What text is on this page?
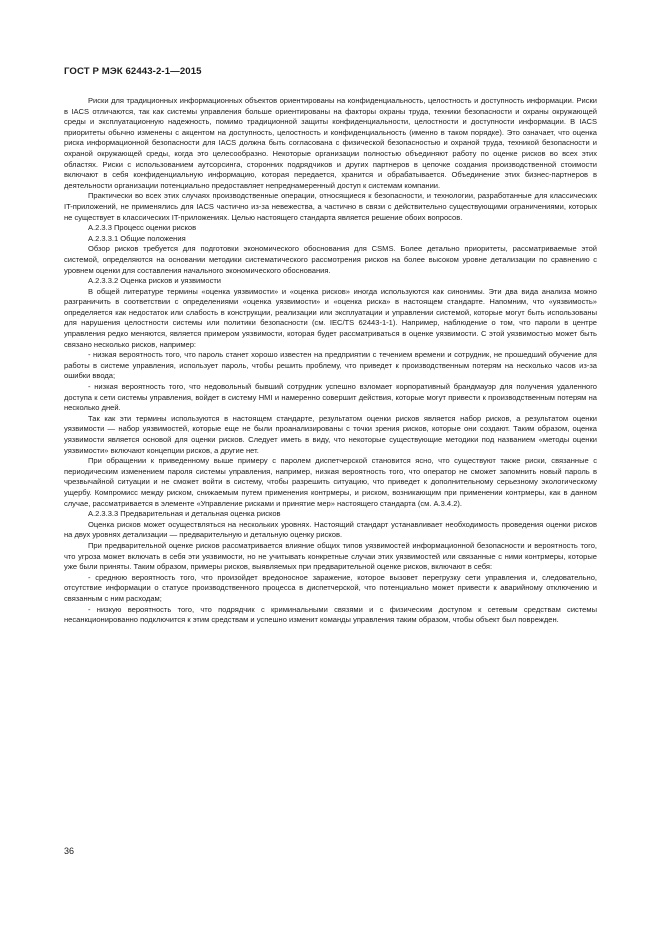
ГОСТ Р МЭК 62443-2-1—2015

Риски для традиционных информационных объектов ориентированы на конфиденциальность, целостность и доступность информации. Риски в IACS отличаются, так как системы управления больше ориентированы на факторы охраны труда, техники безопасности и охраны окружающей среды и эксплуатационную надежность, помимо традиционной защиты конфиденциальности, целостности и доступности информации. В IACS приоритеты обычно изменены с акцентом на доступность, целостность и конфиденциальность (именно в таком порядке). Это означает, что оценка риска информационной безопасности для IACS должна быть согласована с физической безопасностью и охраной труда, техникой безопасности и охраной окружающей среды, когда это целесообразно. Некоторые организации полностью объединяют работу по оценке рисков во всех этих областях. Риски с использованием аутсорсинга, сторонних подрядчиков и других партнеров в цепочке создания производственной стоимости включают в себя конфиденциальную информацию, которая передается, хранится и обрабатывается. Объединение этих бизнес-партнеров в деятельности организации потенциально предоставляет непреднамеренный доступ к системам компании.

Практически во всех этих случаях производственные операции, относящиеся к безопасности, и технологии, разработанные для классических IT-приложений, не применялись для IACS частично из-за невежества, а частично в связи с действительно существующими ограничениями, которых не существует в классических IT-приложениях. Целью настоящего стандарта является решение обоих вопросов.

А.2.3.3 Процесс оценки рисков

А.2.3.3.1 Общие положения

Обзор рисков требуется для подготовки экономического обоснования для CSMS. Более детально приоритеты, рассматриваемые этой системой, определяются на основании методики систематического рассмотрения рисков на более высоком уровне детализации по сравнению с уровнем оценки для составления начального экономического обоснования.

А.2.3.3.2 Оценка рисков и уязвимости

В общей литературе термины «оценка уязвимости» и «оценка рисков» иногда используются как синонимы. Эти два вида анализа можно разграничить в соответствии с определениями «оценка уязвимости» и «оценка риска» в настоящем стандарте. Напомним, что «уязвимость» определяется как недостаток или слабость в конструкции, реализации или эксплуатации и управлении системой, которые могут быть использованы для нарушения целостности системы или политики безопасности (см. IEC/TS 62443-1-1). Например, наблюдение о том, что пароли в центре управления редко меняются, является примером уязвимости, которая будет рассматриваться в оценке уязвимости. С этой уязвимостью может быть связано несколько рисков, например:

- низкая вероятность того, что пароль станет хорошо известен на предприятии с течением времени и сотрудник, не прошедший обучение для работы в системе управления, использует пароль, чтобы решить проблему, что приведет к производственным потерям на несколько часов из-за ошибки ввода;

- низкая вероятность того, что недовольный бывший сотрудник успешно взломает корпоративный брандмауэр для получения удаленного доступа к сети системы управления, войдет в систему HMI и намеренно совершит действия, которые могут привести к производственным потерям на несколько дней.

Так как эти термины используются в настоящем стандарте, результатом оценки рисков является набор рисков, а результатом оценки уязвимости — набор уязвимостей, которые еще не были проанализированы с точки зрения рисков, которые они создают. Таким образом, оценка уязвимости является основой для оценки рисков. Следует иметь в виду, что некоторые существующие методики под названием «методы оценки уязвимости» включают концепции рисков, а другие нет.

При обращении к приведенному выше примеру с паролем диспетчерской становится ясно, что существуют также риски, связанные с периодическим изменением пароля системы управления, например, низкая вероятность того, что оператор не сможет запомнить новый пароль в чрезвычайной ситуации и не сможет войти в систему, чтобы разрешить ситуацию, что приведет к дополнительному серьезному экологическому ущербу. Компромисс между риском, снижаемым путем применения контрмеры, и риском, возникающим при применении контрмеры, как в данном случае, рассматривается в элементе «Управление рисками и принятие мер» настоящего стандарта (см. А.3.4.2).

А.2.3.3.3 Предварительная и детальная оценка рисков

Оценка рисков может осуществляться на нескольких уровнях. Настоящий стандарт устанавливает необходимость проведения оценки рисков на двух уровнях детализации — предварительную и детальную оценку рисков.

При предварительной оценке рисков рассматривается влияние общих типов уязвимостей информационной безопасности и вероятность того, что угроза может включать в себя эти уязвимости, но не учитывать конкретные случаи этих уязвимостей или связанные с ними контрмеры, которые уже были приняты. Таким образом, примеры рисков, выявляемых при предварительной оценке рисков, включают в себя:

- среднюю вероятность того, что произойдет вредоносное заражение, которое вызовет перегрузку сети управления и, следовательно, отсутствие информации о статусе производственного процесса в диспетчерской, что потенциально может привести к аварийному отключению и связанным с ним расходам;

- низкую вероятность того, что подрядчик с криминальными связями и с физическим доступом к сетевым средствам системы несанкционированно подключится к этим средствам и успешно изменит команды управления таким образом, чтобы объект был поврежден.

36
